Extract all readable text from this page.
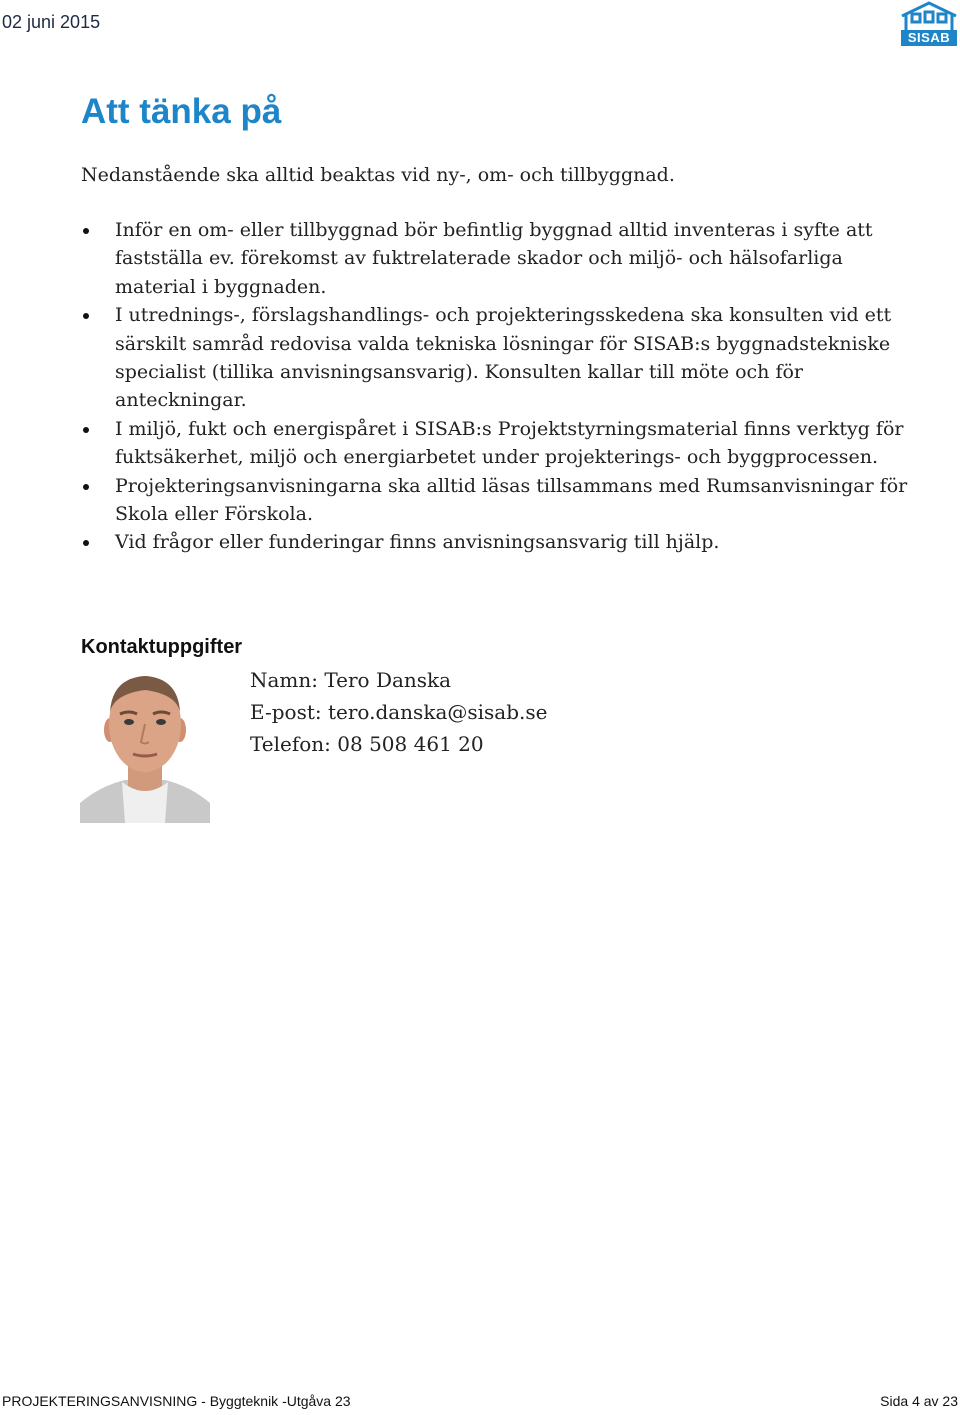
02 juni 2015
SISAB
Att tänka på

Nedanstående ska alltid beaktas vid ny-, om- och tillbyggnad.

Inför en om- eller tillbyggnad bör befintlig byggnad alltid inventeras i syfte att fastställa ev. förekomst av fuktrelaterade skador och miljö- och hälsofarliga material i byggnaden.
I utrednings-, förslagshandlings- och projekteringsskedena ska konsulten vid ett särskilt samråd redovisa valda tekniska lösningar för SISAB:s byggnadstekniske specialist (tillika anvisningsansvarig). Konsulten kallar till möte och för anteckningar.
I miljö, fukt och energispåret i SISAB:s Projektstyrningsmaterial finns verktyg för fuktsäkerhet, miljö och energiarbetet under projekterings- och byggprocessen.
Projekteringsanvisningarna ska alltid läsas tillsammans med Rumsanvisningar för Skola eller Förskola.
Vid frågor eller funderingar finns anvisningsansvarig till hjälp.
Kontaktuppgifter
Namn: Tero Danska
E-post: tero.danska@sisab.se
Telefon: 08 508 461 20
PROJEKTERINGSANVISNING - Byggteknik -Utgåva 23	Sida 4 av 23
